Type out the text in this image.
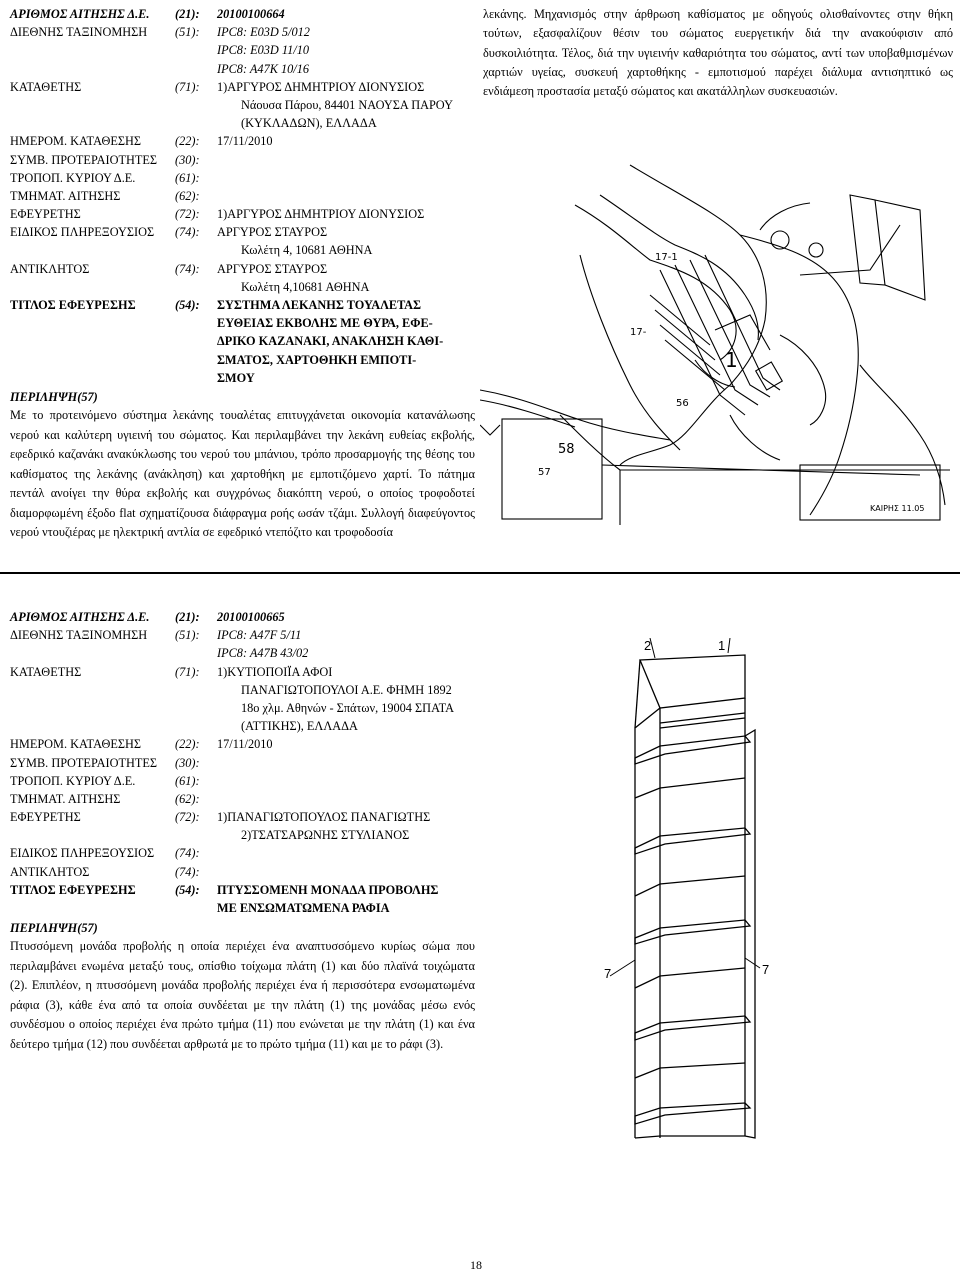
ΑΡΙΘΜΟΣ ΑΙΤΗΣΗΣ Δ.Ε. (21): 20100100664
ΔΙΕΘΝΗΣ ΤΑΞΙΝΟΜΗΣΗ (51): IPC8: E03D 5/012
IPC8: E03D 11/10
IPC8: A47K 10/16
ΚΑΤΑΘΕΤΗΣ	(71): 1)ΑΡΓΥΡΟΣ ΔΗΜΗΤΡΙΟΥ ΔΙΟΝΥΣΙΟΣ
Νάουσα Πάρου, 84401 ΝΑΟΥΣΑ ΠΑΡΟΥ
(ΚΥΚΛΑΔΩΝ), ΕΛΛΑΔΑ
ΗΜΕΡΟΜ. ΚΑΤΑΘΕΣΗΣ	(22): 17/11/2010
ΣΥΜΒ. ΠΡΟΤΕΡΑΙΟΤΗΤΕΣ (30):
ΤΡΟΠΟΠ. ΚΥΡΙΟΥ Δ.Ε.	(61):
ΤΜΗΜΑΤ. ΑΙΤΗΣΗΣ	(62):
ΕΦΕΥΡΕΤΗΣ	(72): 1)ΑΡΓΥΡΟΣ ΔΗΜΗΤΡΙΟΥ ΔΙΟΝΥΣΙΟΣ
ΕΙΔΙΚΟΣ ΠΛΗΡΕΞΟΥΣΙΟΣ (74): ΑΡΓΥΡΟΣ ΣΤΑΥΡΟΣ
Κωλέτη 4, 10681 ΑΘΗΝΑ
ΑΝΤΙΚΛΗΤΟΣ	(74): ΑΡΓΥΡΟΣ ΣΤΑΥΡΟΣ
Κωλέτη 4,10681 ΑΘΗΝΑ
ΤΙΤΛΟΣ ΕΦΕΥΡΕΣΗΣ	(54): ΣΥΣΤΗΜΑ ΛΕΚΑΝΗΣ ΤΟΥΑΛΕΤΑΣ
ΕΥΘΕΙΑΣ ΕΚΒΟΛΗΣ ΜΕ ΘΥΡΑ, ΕΦΕ-
ΔΡΙΚΟ ΚΑΖΑΝΑΚΙ, ΑΝΑΚΛΗΣΗ ΚΑΘΙ-
ΣΜΑΤΟΣ, ΧΑΡΤΟΘΗΚΗ ΕΜΠΟΤΙ-
ΣΜΟΥ
ΠΕΡΙΛΗΨΗ(57)
Με το προτεινόμενο σύστημα λεκάνης τουαλέτας επιτυγχάνεται οικονομία κατανάλωσης νερού και καλύτερη υγιεινή του σώματος. Και περιλαμβάνει την λεκάνη ευθείας εκβολής, εφεδρικό καζανάκι ανακύκλωσης του νερού του μπάνιου, τρόπο προσαρμογής της θέσης του καθίσματος της λεκάνης (ανάκληση) και χαρτοθήκη με εμποτιζόμενο χαρτί. Το πάτημα πεντάλ ανοίγει την θύρα εκβολής και συγχρόνως διακόπτη νερού, ο οποίος τροφοδοτεί διαμορφωμένη έξοδο flat σχηματίζουσα διάφραγμα ροής ωσάν τζάμι. Συλλογή διαφεύγοντος νερού ντουζιέρας με ηλεκτρική αντλία σε εφεδρικό ντεπόζιτο και τροφοδοσία
λεκάνης. Μηχανισμός στην άρθρωση καθίσματος με οδηγούς ολισθαίνοντες στην θήκη τούτων, εξασφαλίζουν θέσιν του σώματος ευεργετικήν διά την ανακούφισιν από δυσκοιλιότητα. Τέλος, διά την υγιεινήν καθαριότητα του σώματος, αντί των υποβαθμισμένων χαρτιών υγείας, συσκευή χαρτοθήκης - εμποτισμού παρέχει διάλυμα αντισηπτικό ως ενδιάμεση προστασία μεταξύ σώματος και ακατάλληλων συσκευασιών.
17-1
17-
1
56
58
57
ΚΑΙΡΗΣ 11.05
ΑΡΙΘΜΟΣ ΑΙΤΗΣΗΣ Δ.Ε. (21): 20100100665
ΔΙΕΘΝΗΣ ΤΑΞΙΝΟΜΗΣΗ (51): IPC8: A47F 5/11
IPC8: A47B 43/02
ΚΑΤΑΘΕΤΗΣ	(71): 1)ΚΥΤΙΟΠΟΙΪΑ ΑΦΟΙ
ΠΑΝΑΓΙΩΤΟΠΟΥΛΟΙ Α.Ε. ΦΗΜΗ 1892
18ο χλμ. Αθηνών - Σπάτων, 19004 ΣΠΑΤΑ
(ΑΤΤΙΚΗΣ), ΕΛΛΑΔΑ
ΗΜΕΡΟΜ. ΚΑΤΑΘΕΣΗΣ	(22): 17/11/2010
ΣΥΜΒ. ΠΡΟΤΕΡΑΙΟΤΗΤΕΣ (30):
ΤΡΟΠΟΠ. ΚΥΡΙΟΥ Δ.Ε.	(61):
ΤΜΗΜΑΤ. ΑΙΤΗΣΗΣ	(62):
ΕΦΕΥΡΕΤΗΣ	(72): 1)ΠΑΝΑΓΙΩΤΟΠΟΥΛΟΣ ΠΑΝΑΓΙΩΤΗΣ
2)ΤΣΑΤΣΑΡΩΝΗΣ ΣΤΥΛΙΑΝΟΣ
ΕΙΔΙΚΟΣ ΠΛΗΡΕΞΟΥΣΙΟΣ (74):
ΑΝΤΙΚΛΗΤΟΣ	(74):
ΤΙΤΛΟΣ ΕΦΕΥΡΕΣΗΣ	(54): ΠΤΥΣΣΟΜΕΝΗ ΜΟΝΑΔΑ ΠΡΟΒΟΛΗΣ
ΜΕ ΕΝΣΩΜΑΤΩΜΕΝΑ ΡΑΦΙΑ
ΠΕΡΙΛΗΨΗ(57)
Πτυσσόμενη μονάδα προβολής η οποία περιέχει ένα αναπτυσσόμενο κυρίως σώμα που περιλαμβάνει ενωμένα μεταξύ τους, οπίσθιο τοίχωμα πλάτη (1) και δύο πλαϊνά τοιχώματα (2). Επιπλέον, η πτυσσόμενη μονάδα προβολής περιέχει ένα ή περισσότερα ενσωματωμένα ράφια (3), κάθε ένα από τα οποία συνδέεται με την πλάτη (1) της μονάδας μέσω ενός συνδέσμου ο οποίος περιέχει ένα πρώτο τμήμα (11) που ενώνεται με την πλάτη (1) και ένα δεύτερο τμήμα (12) που συνδέεται αρθρωτά με το πρώτο τμήμα (11) και με το ράφι (3).
2	1
7	7
18
